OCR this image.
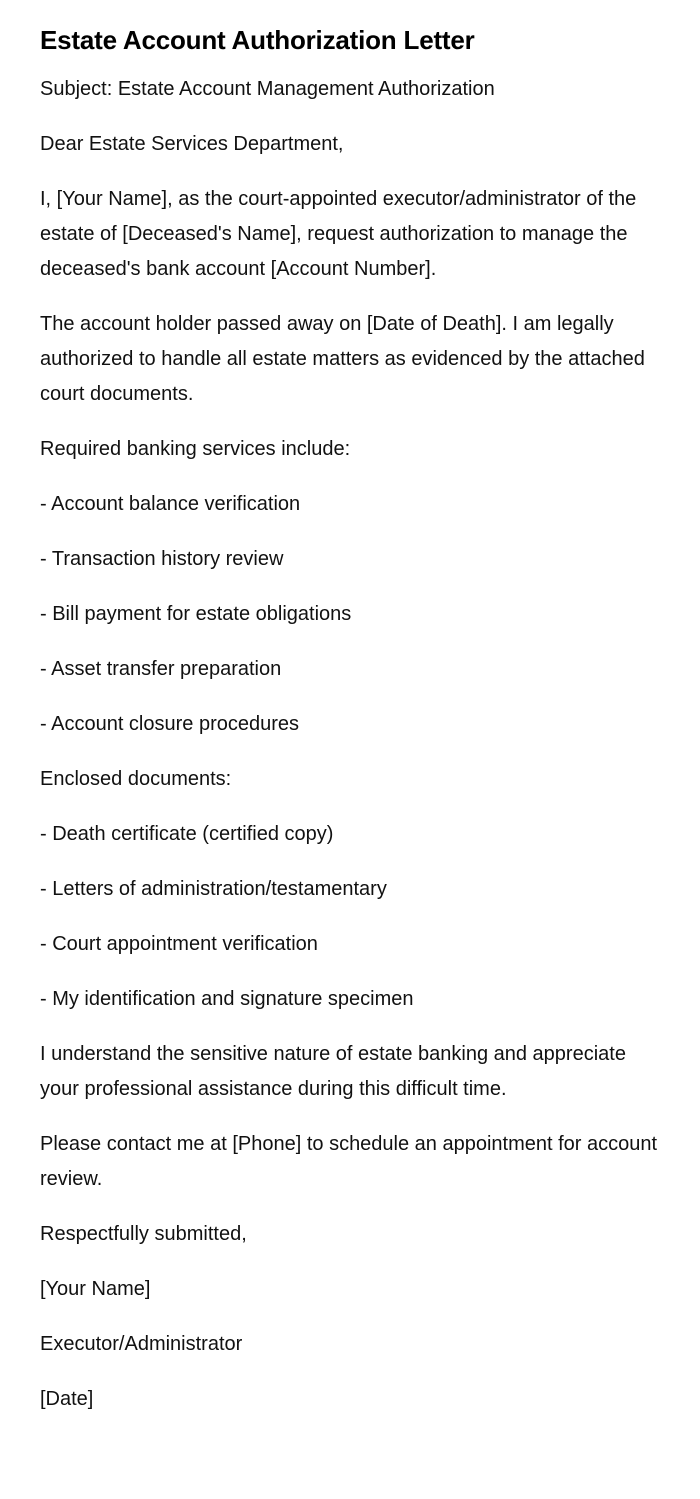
Estate Account Authorization Letter

Subject: Estate Account Management Authorization

Dear Estate Services Department,

I, [Your Name], as the court-appointed executor/administrator of the estate of [Deceased's Name], request authorization to manage the deceased's bank account [Account Number].

The account holder passed away on [Date of Death]. I am legally authorized to handle all estate matters as evidenced by the attached court documents.

Required banking services include:

- Account balance verification

- Transaction history review

- Bill payment for estate obligations

- Asset transfer preparation

- Account closure procedures

Enclosed documents:

- Death certificate (certified copy)

- Letters of administration/testamentary

- Court appointment verification

- My identification and signature specimen

I understand the sensitive nature of estate banking and appreciate your professional assistance during this difficult time.

Please contact me at [Phone] to schedule an appointment for account review.

Respectfully submitted,

[Your Name]

Executor/Administrator

[Date]
